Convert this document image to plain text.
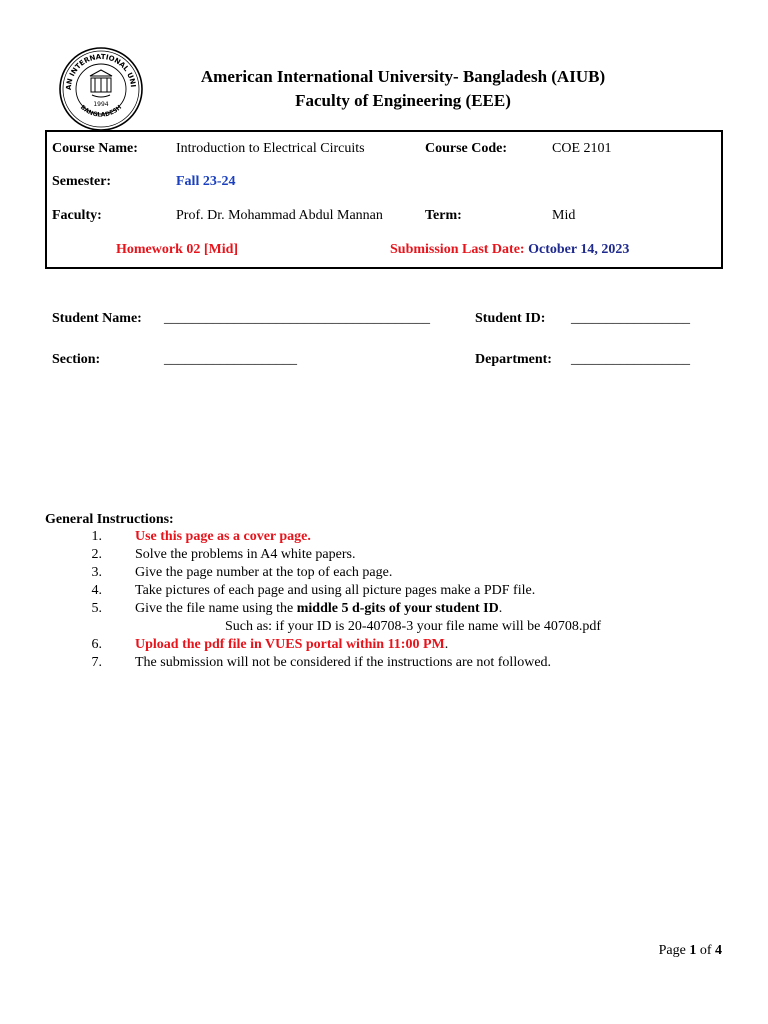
AN INTERNATIONAL UNI
BANGLADESH
1994
American International University- Bangladesh (AIUB)
Faculty of Engineering (EEE)
Course Name:	Introduction to Electrical Circuits	Course Code:	COE 2101
Semester:	Fall 23-24
Faculty:	Prof. Dr. Mohammad Abdul Mannan	Term:	Mid
Homework 02 [Mid]	Submission Last Date: October 14, 2023
Student Name: ______________________________________	Student ID: _________________
Section:	___________________	Department: _________________
General Instructions:
1. Use this page as a cover page.
2. Solve the problems in A4 white papers.
3. Give the page number at the top of each page.
4. Take pictures of each page and using all picture pages make a PDF file.
5. Give the file name using the middle 5 d-gits of your student ID.
Such as: if your ID is 20-40708-3 your file name will be 40708.pdf
6. Upload the pdf file in VUES portal within 11:00 PM.
7. The submission will not be considered if the instructions are not followed.
Page 1 of 4
